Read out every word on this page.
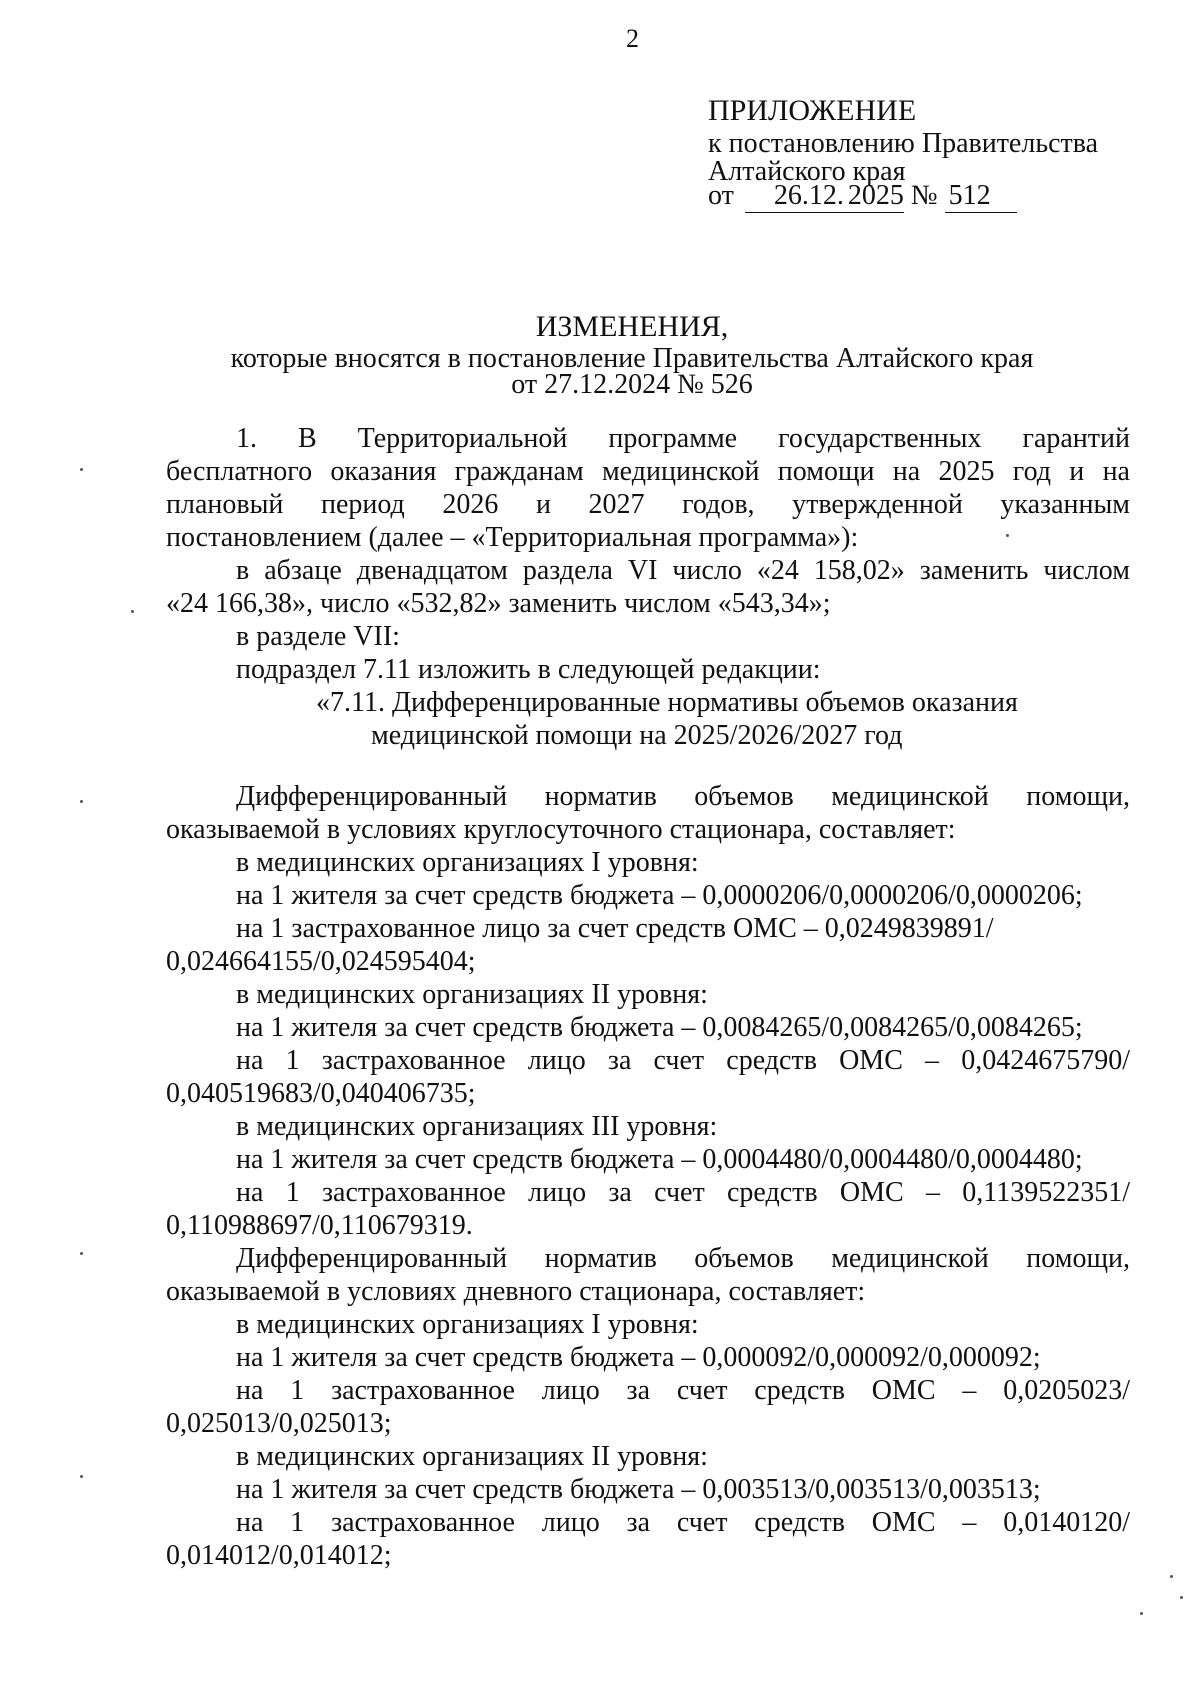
2
ПРИЛОЖЕНИЕ
к постановлению Правительства
Алтайского края
от 26.12. 2025 № 512
ИЗМЕНЕНИЯ,
которые вносятся в постановление Правительства Алтайского края
от 27.12.2024 № 526
1. В Территориальной программе государственных гарантий
бесплатного оказания гражданам медицинской помощи на 2025 год и на
плановый период 2026 и 2027 годов, утвержденной указанным
постановлением (далее – «Территориальная программа»):
в абзаце двенадцатом раздела VI число «24 158,02» заменить числом
«24 166,38», число «532,82» заменить числом «543,34»;
в разделе VII:
подраздел 7.11 изложить в следующей редакции:
«7.11. Дифференцированные нормативы объемов оказания
медицинской помощи на 2025/2026/2027 год
Дифференцированный норматив объемов медицинской помощи,
оказываемой в условиях круглосуточного стационара, составляет:
в медицинских организациях I уровня:
на 1 жителя за счет средств бюджета – 0,0000206/0,0000206/0,0000206;
на 1 застрахованное лицо за счет средств ОМС – 0,0249839891/
0,024664155/0,024595404;
в медицинских организациях II уровня:
на 1 жителя за счет средств бюджета – 0,0084265/0,0084265/0,0084265;
на 1 застрахованное лицо за счет средств ОМС – 0,0424675790/
0,040519683/0,040406735;
в медицинских организациях III уровня:
на 1 жителя за счет средств бюджета – 0,0004480/0,0004480/0,0004480;
на 1 застрахованное лицо за счет средств ОМС – 0,1139522351/
0,110988697/0,110679319.
Дифференцированный норматив объемов медицинской помощи,
оказываемой в условиях дневного стационара, составляет:
в медицинских организациях I уровня:
на 1 жителя за счет средств бюджета – 0,000092/0,000092/0,000092;
на 1 застрахованное лицо за счет средств ОМС – 0,0205023/
0,025013/0,025013;
в медицинских организациях II уровня:
на 1 жителя за счет средств бюджета – 0,003513/0,003513/0,003513;
на 1 застрахованное лицо за счет средств ОМС – 0,0140120/
0,014012/0,014012;
